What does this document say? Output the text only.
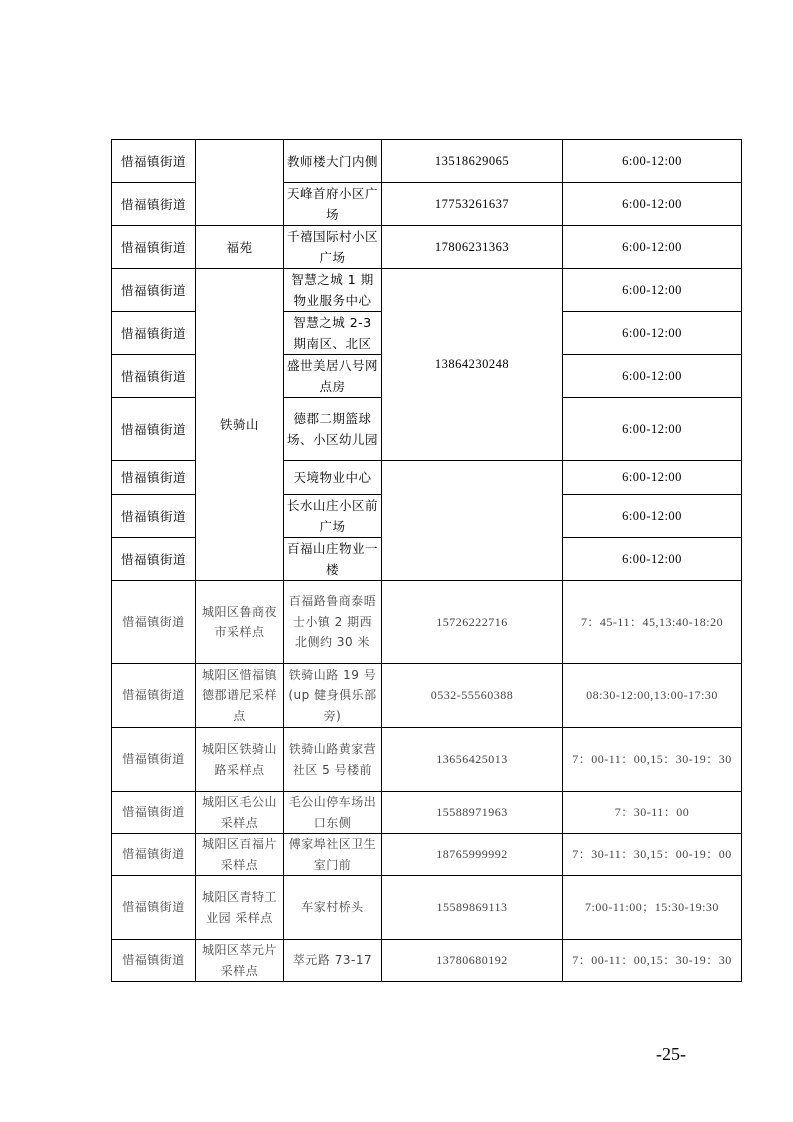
惜福镇街道		教师楼大门内侧	13518629065	6:00-12:00
惜福镇街道		天峰首府小区广场	17753261637	6:00-12:00
惜福镇街道	福苑	千禧国际村小区广场	17806231363	6:00-12:00
惜福镇街道	铁骑山	智慧之城 1 期物业服务中心	13864230248	6:00-12:00
惜福镇街道		智慧之城 2-3 期南区、北区		6:00-12:00
惜福镇街道		盛世美居八号网点房		6:00-12:00
惜福镇街道		德郡二期篮球场、小区幼儿园		6:00-12:00
惜福镇街道		天境物业中心		6:00-12:00
惜福镇街道		长水山庄小区前广场		6:00-12:00
惜福镇街道		百福山庄物业一楼		6:00-12:00
惜福镇街道	城阳区鲁商夜市采样点	百福路鲁商泰晤士小镇 2 期西北侧约 30 米	15726222716	7：45-11：45,13:40-18:20
惜福镇街道	城阳区惜福镇德郡谱尼采样点	铁骑山路 19 号(up 健身俱乐部旁)	0532-55560388	08:30-12:00,13:00-17:30
惜福镇街道	城阳区铁骑山路采样点	铁骑山路黄家营社区 5 号楼前	13656425013	7：00-11：00,15：30-19：30
惜福镇街道	城阳区毛公山采样点	毛公山停车场出口东侧	15588971963	7：30-11：00
惜福镇街道	城阳区百福片采样点	傅家埠社区卫生室门前	18765999992	7：30-11：30,15：00-19：00
惜福镇街道	城阳区青特工业园 采样点	车家村桥头	15589869113	7:00-11:00；15:30-19:30
惜福镇街道	城阳区萃元片采样点	萃元路 73-17	13780680192	7：00-11：00,15：30-19：30
-25-
